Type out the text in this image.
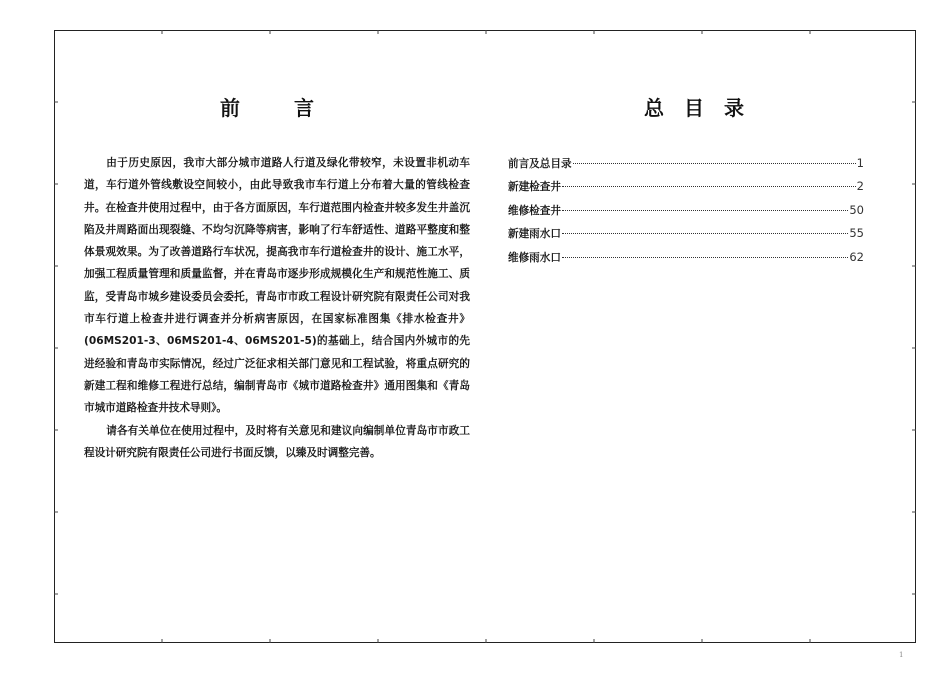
前	言	总 目 录

由于历史原因，我市大部分城市道路人行道及绿化带较窄，未设置非机动车道，车行道外管线敷设空间较小，由此导致我市车行道上分布着大量的管线检查井。在检查井使用过程中，由于各方面原因，车行道范围内检查井较多发生井盖沉陷及井周路面出现裂缝、不均匀沉降等病害，影响了行车舒适性、道路平整度和整体景观效果。为了改善道路行车状况，提高我市车行道检查井的设计、施工水平，加强工程质量管理和质量监督，并在青岛市逐步形成规模化生产和规范性施工、质监，受青岛市城乡建设委员会委托，青岛市市政工程设计研究院有限责任公司对我市车行道上检查井进行调查并分析病害原因，在国家标准图集《排水检查井》(06MS201-3、06MS201-4、06MS201-5)的基础上，结合国内外城市的先进经验和青岛市实际情况，经过广泛征求相关部门意见和工程试验，将重点研究的新建工程和维修工程进行总结，编制青岛市《城市道路检查井》通用图集和《青岛市城市道路检查井技术导则》。

请各有关单位在使用过程中，及时将有关意见和建议向编制单位青岛市市政工程设计研究院有限责任公司进行书面反馈，以臻及时调整完善。

前言及总目录	1
新建检查井	2
维修检查井	50
新建雨水口	55
维修雨水口	62
1
